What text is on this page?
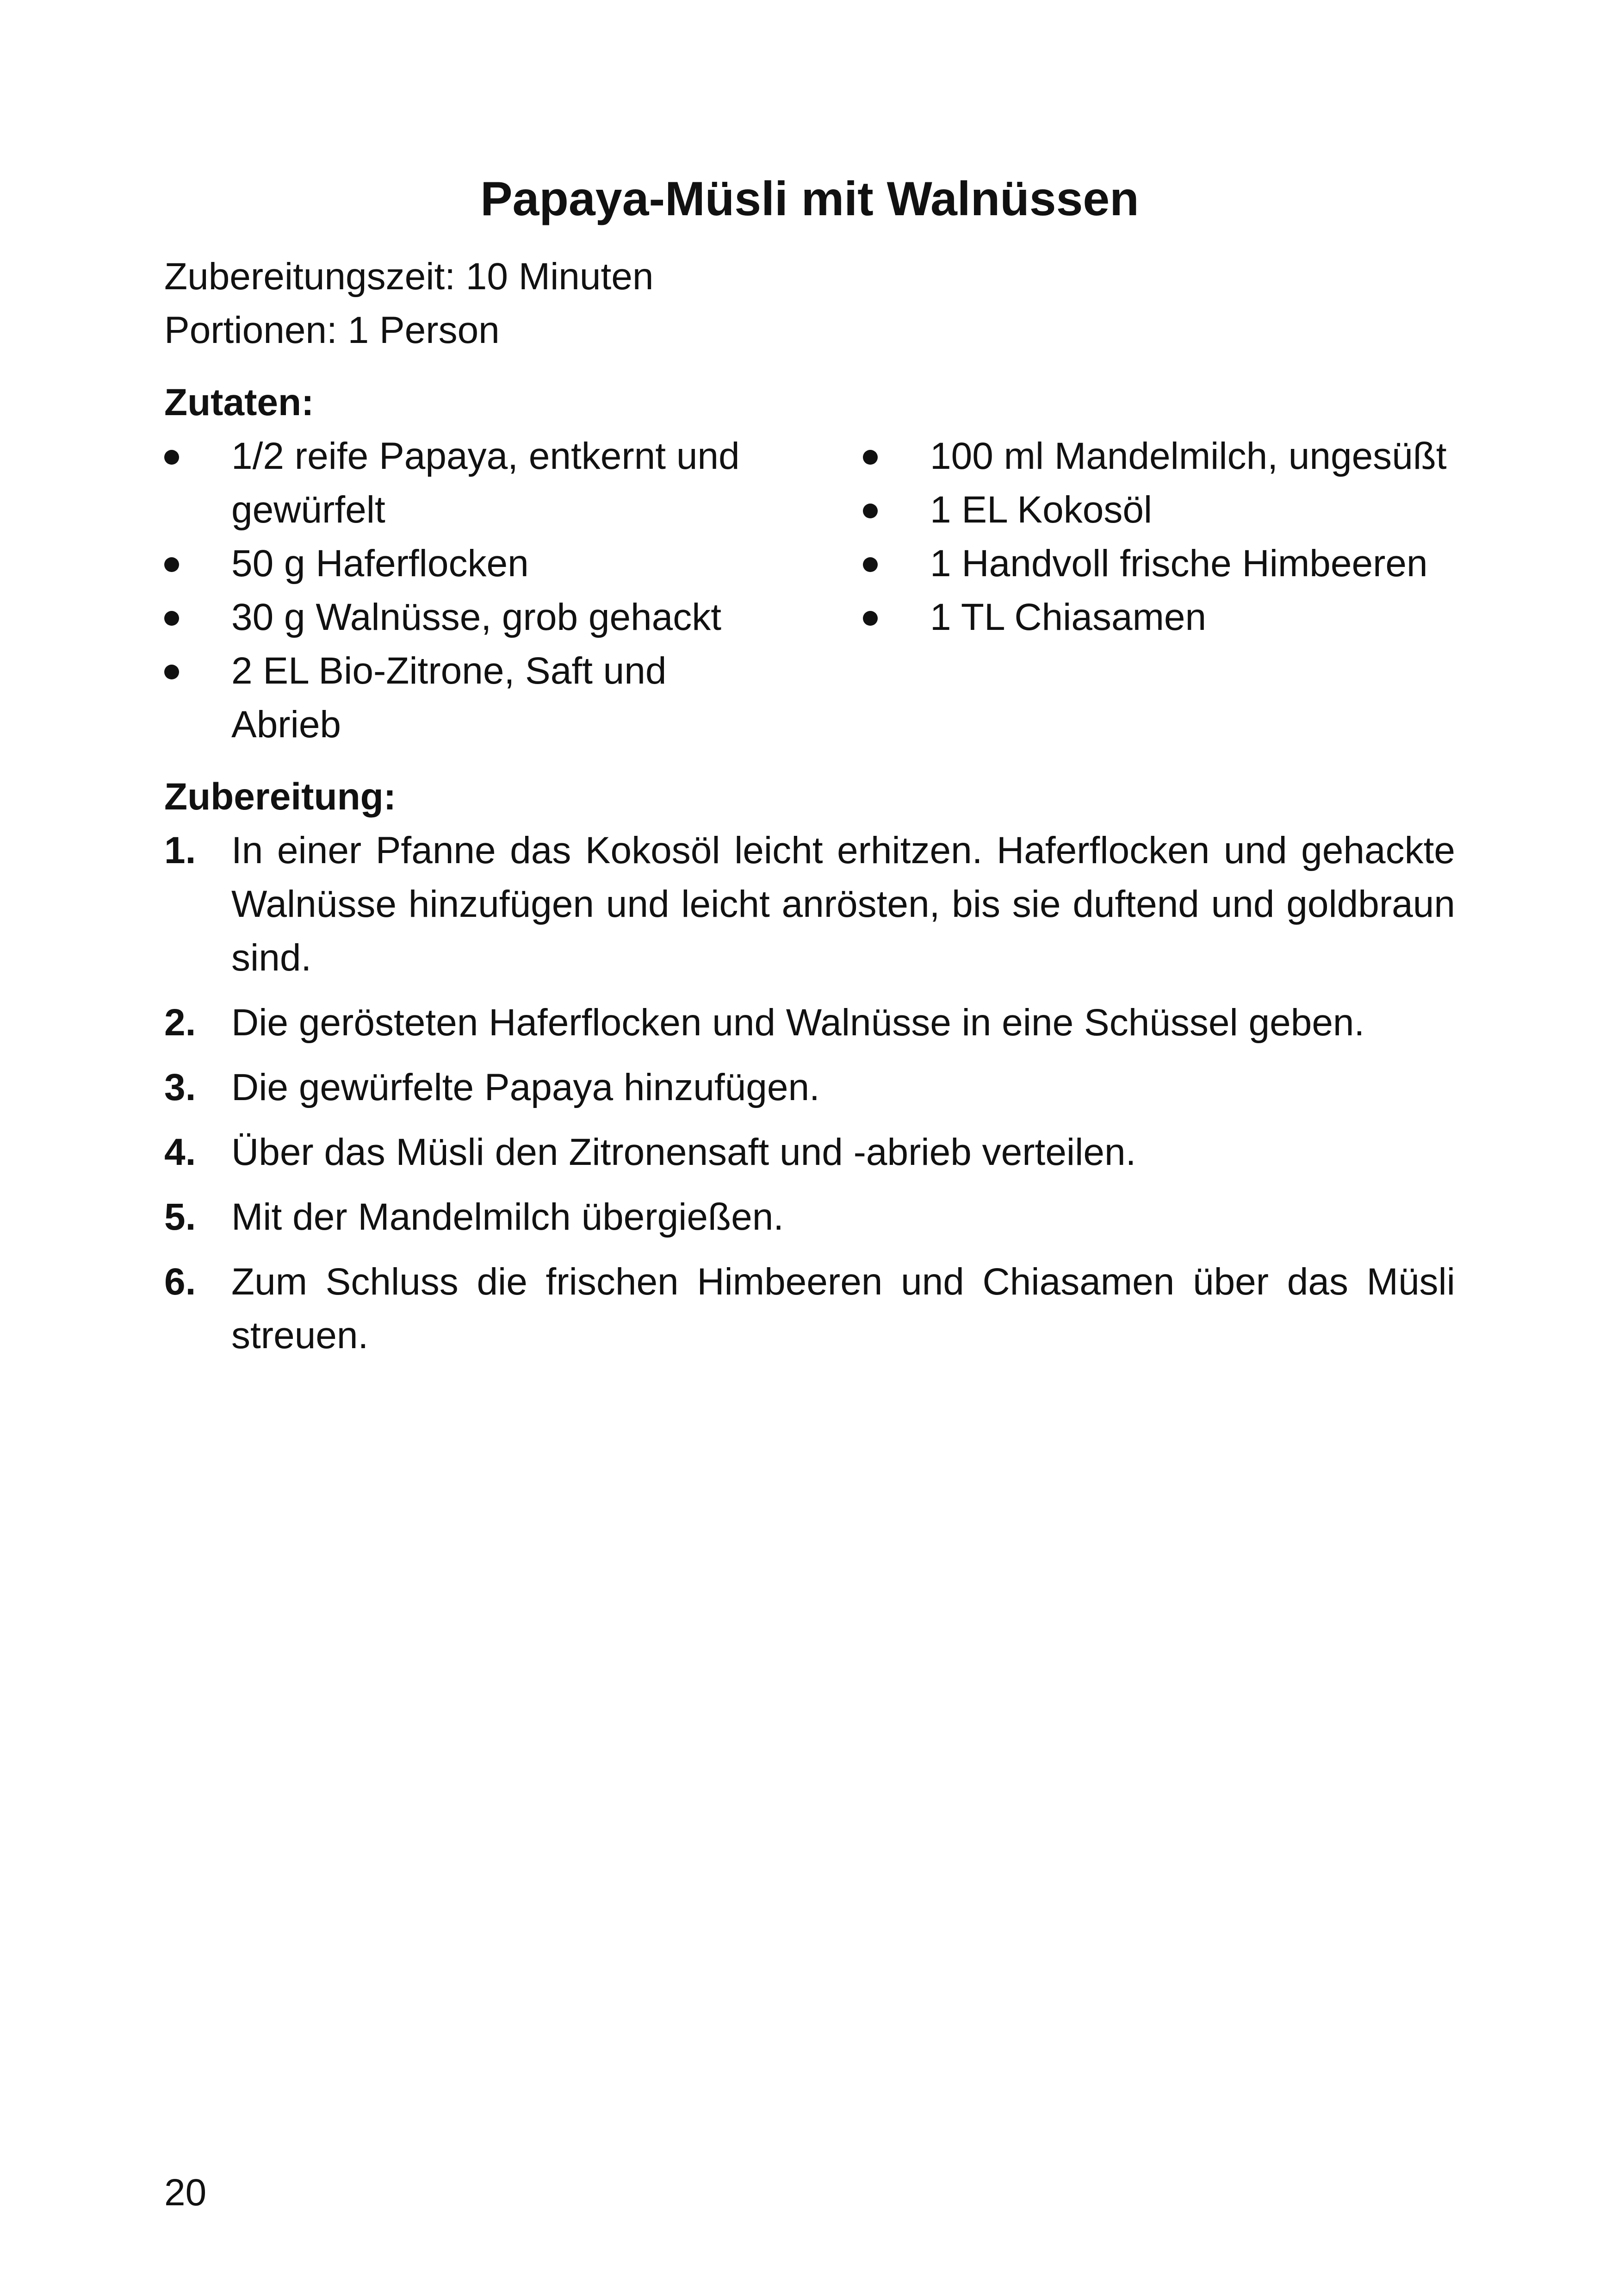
Papaya-Müsli mit Walnüssen
Zubereitungszeit: 10 Minuten
Portionen: 1 Person
Zutaten:
1/2 reife Papaya, entkernt und gewürfelt
50 g Haferflocken
30 g Walnüsse, grob gehackt
2 EL Bio-Zitrone, Saft und Abrieb
100 ml Mandelmilch, ungesüßt
1 EL Kokosöl
1 Handvoll frische Himbeeren
1 TL Chiasamen
Zubereitung:
1. In einer Pfanne das Kokosöl leicht erhitzen. Haferflocken und gehackte Walnüsse hinzufügen und leicht anrösten, bis sie duftend und goldbraun sind.
2. Die gerösteten Haferflocken und Walnüsse in eine Schüssel geben.
3. Die gewürfelte Papaya hinzufügen.
4. Über das Müsli den Zitronensaft und -abrieb verteilen.
5. Mit der Mandelmilch übergießen.
6. Zum Schluss die frischen Himbeeren und Chiasamen über das Müsli streuen.
20
